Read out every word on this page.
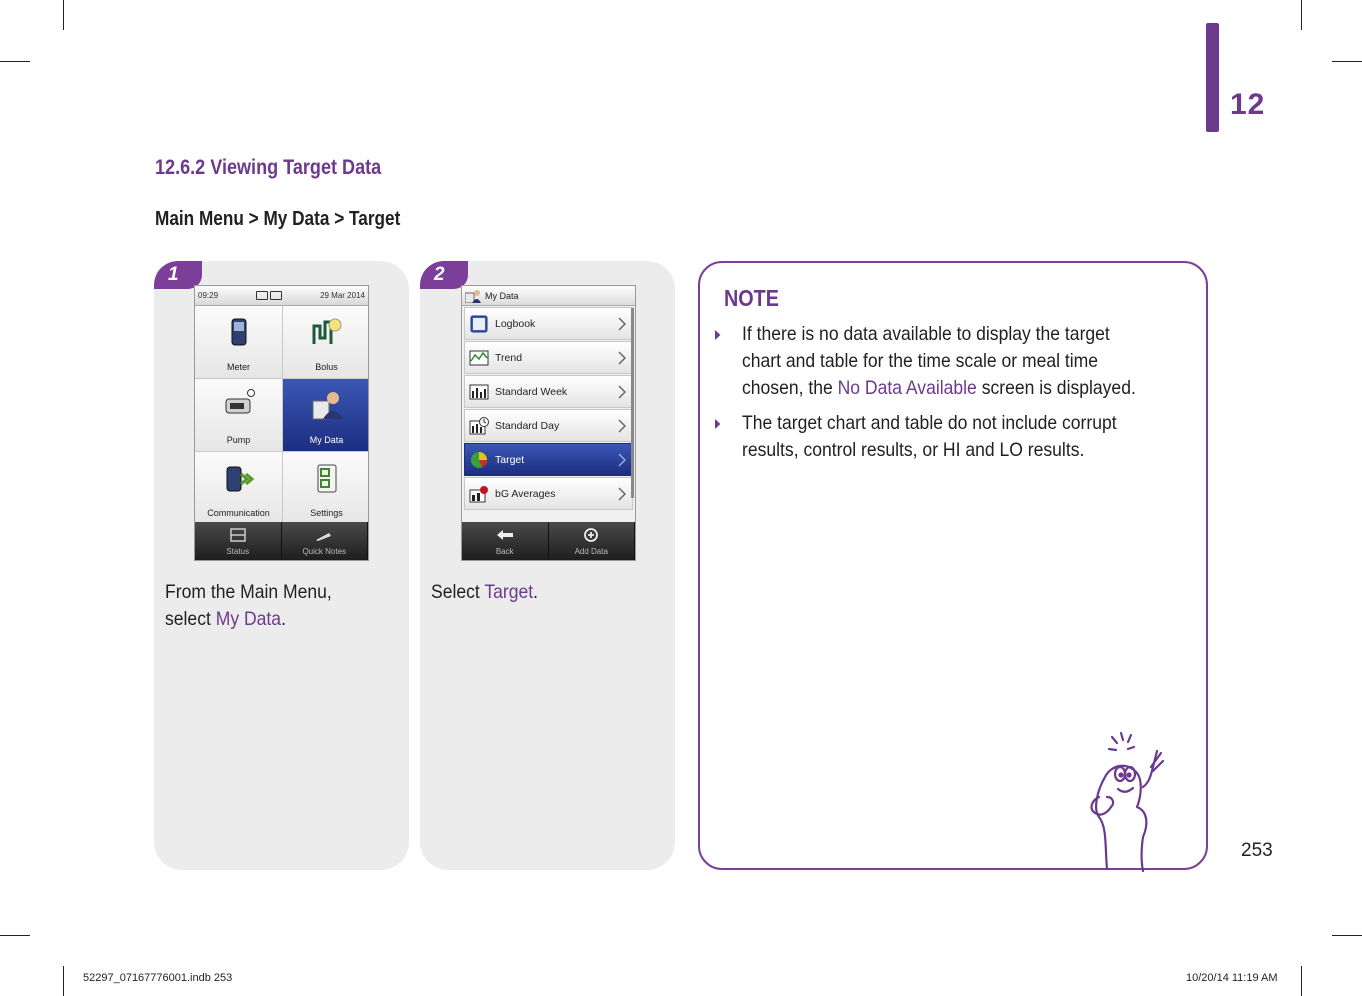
12
12.6.2 Viewing Target Data
Main Menu > My Data > Target
1
09:29	29 Mar 2014
Meter	Bolus
Pump	My Data
Communication	Settings
Status	Quick Notes
From the Main Menu, select My Data.
2
My Data
Logbook
Trend
Standard Week
Standard Day
Target
bG Averages
Back	Add Data
Select Target.
NOTE
If there is no data available to display the target chart and table for the time scale or meal time chosen, the No Data Available screen is displayed.
The target chart and table do not include corrupt results, control results, or HI and LO results.
253
52297_07167776001.indb 253	10/20/14 11:19 AM
